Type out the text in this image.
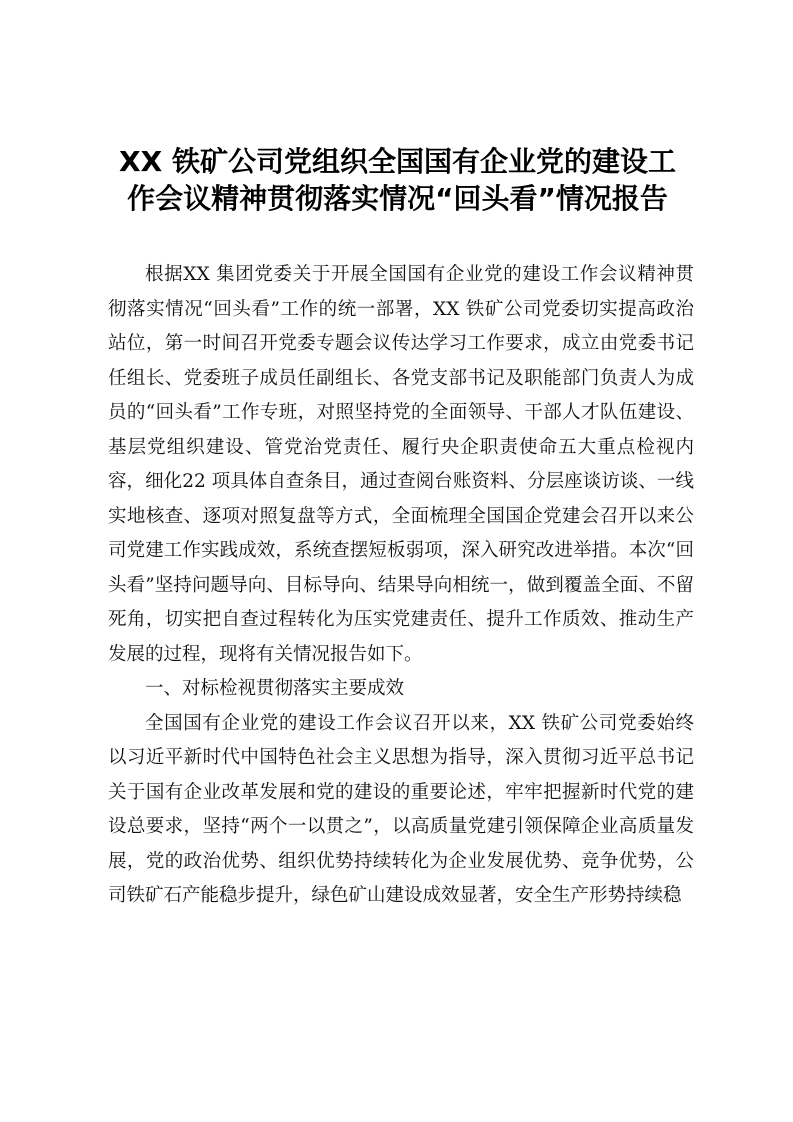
XX 铁矿公司党组织全国国有企业党的建设工
作会议精神贯彻落实情况“回头看”情况报告

根据XX 集团党委关于开展全国国有企业党的建设工作会议精神贯彻落实情况“回头看”工作的统一部署，XX 铁矿公司党委切实提高政治站位，第一时间召开党委专题会议传达学习工作要求，成立由党委书记任组长、党委班子成员任副组长、各党支部书记及职能部门负责人为成员的“回头看”工作专班，对照坚持党的全面领导、干部人才队伍建设、基层党组织建设、管党治党责任、履行央企职责使命五大重点检视内容，细化22 项具体自查条目，通过查阅台账资料、分层座谈访谈、一线实地核查、逐项对照复盘等方式，全面梳理全国国企党建会召开以来公司党建工作实践成效，系统查摆短板弱项，深入研究改进举措。本次“回头看”坚持问题导向、目标导向、结果导向相统一，做到覆盖全面、不留死角，切实把自查过程转化为压实党建责任、提升工作质效、推动生产发展的过程，现将有关情况报告如下。

一、对标检视贯彻落实主要成效

全国国有企业党的建设工作会议召开以来，XX 铁矿公司党委始终以习近平新时代中国特色社会主义思想为指导，深入贯彻习近平总书记关于国有企业改革发展和党的建设的重要论述，牢牢把握新时代党的建设总要求，坚持“两个一以贯之”，以高质量党建引领保障企业高质量发展，党的政治优势、组织优势持续转化为企业发展优势、竞争优势，公司铁矿石产能稳步提升，绿色矿山建设成效显著，安全生产形势持续稳
